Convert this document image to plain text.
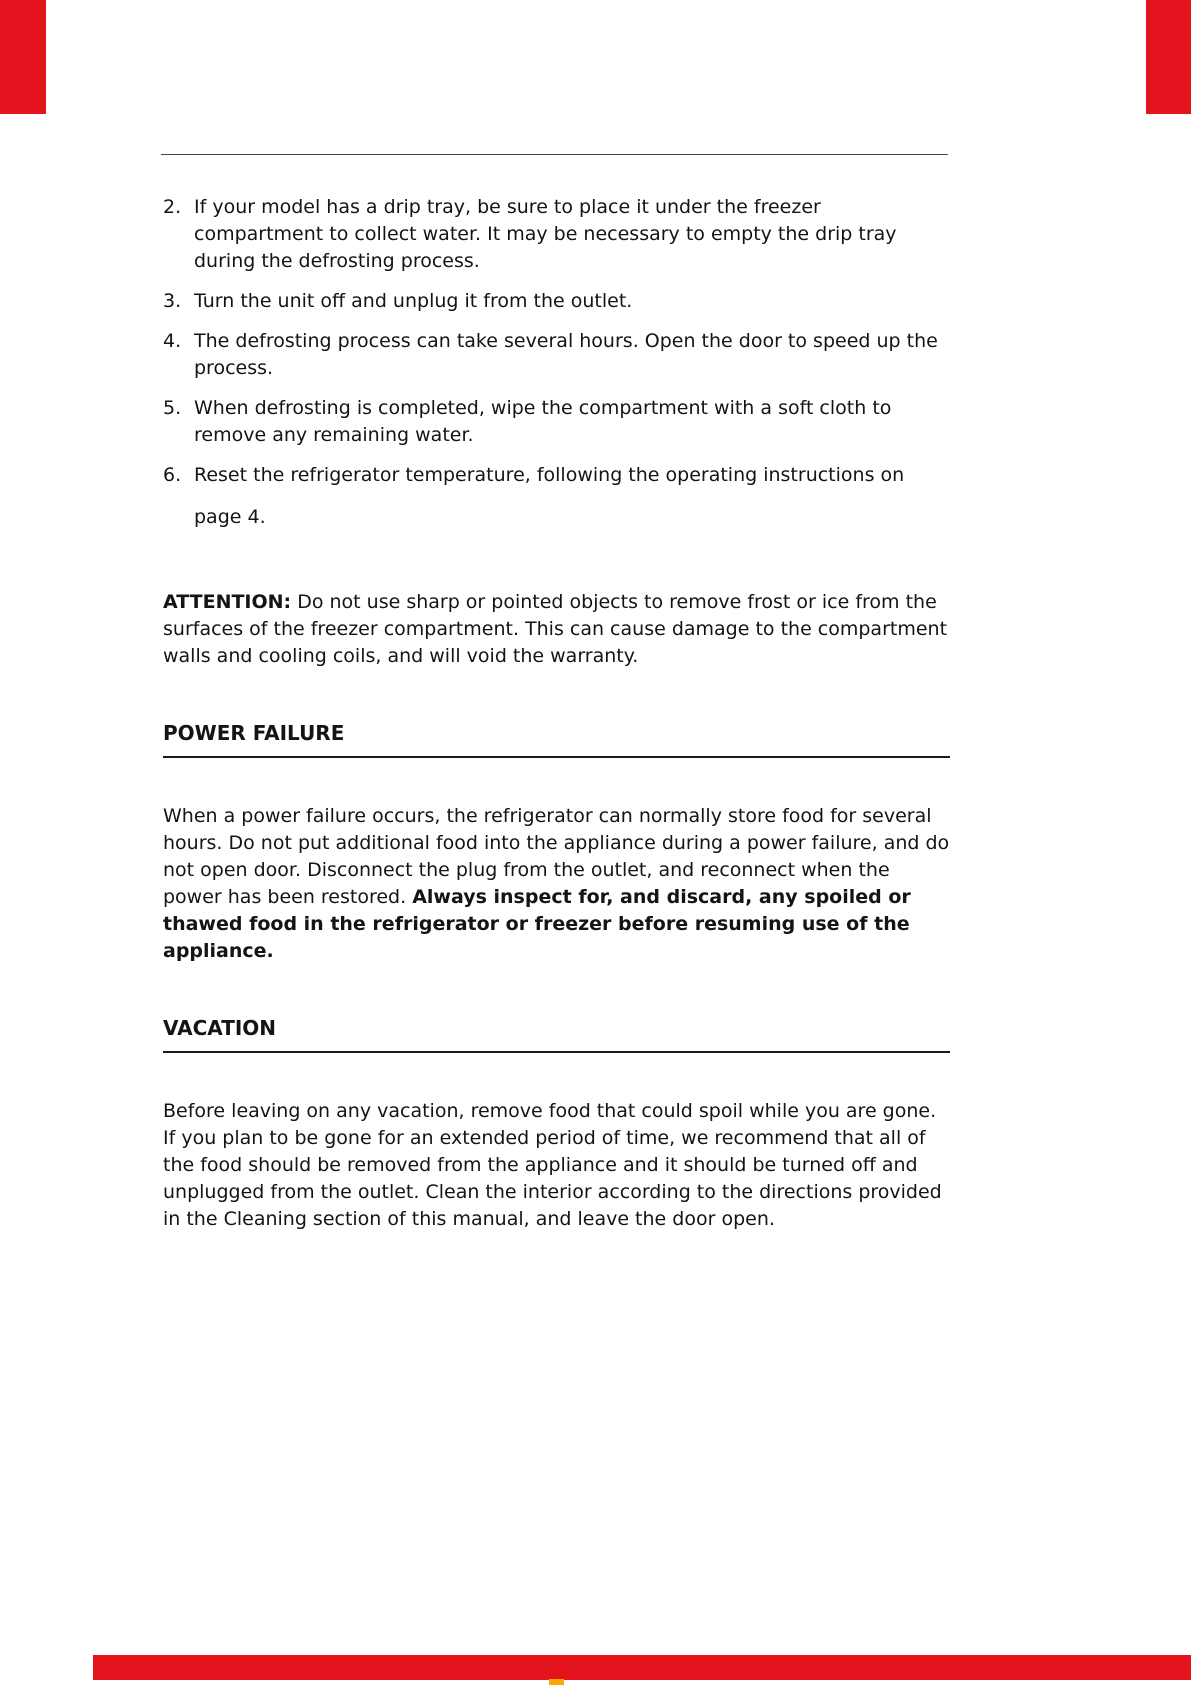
2. If your model has a drip tray, be sure to place it under the freezer compartment to collect water. It may be necessary to empty the drip tray during the defrosting process.
3. Turn the unit off and unplug it from the outlet.
4. The defrosting process can take several hours. Open the door to speed up the process.
5. When defrosting is completed, wipe the compartment with a soft cloth to remove any remaining water.
6. Reset the refrigerator temperature, following the operating instructions on
page 4.

ATTENTION: Do not use sharp or pointed objects to remove frost or ice from the surfaces of the freezer compartment. This can cause damage to the compartment walls and cooling coils, and will void the warranty.

POWER FAILURE

When a power failure occurs, the refrigerator can normally store food for several hours. Do not put additional food into the appliance during a power failure, and do not open door. Disconnect the plug from the outlet, and reconnect when the power has been restored. Always inspect for, and discard, any spoiled or thawed food in the refrigerator or freezer before resuming use of the appliance.

VACATION

Before leaving on any vacation, remove food that could spoil while you are gone. If you plan to be gone for an extended period of time, we recommend that all of the food should be removed from the appliance and it should be turned off and unplugged from the outlet. Clean the interior according to the directions provided in the Cleaning section of this manual, and leave the door open.
